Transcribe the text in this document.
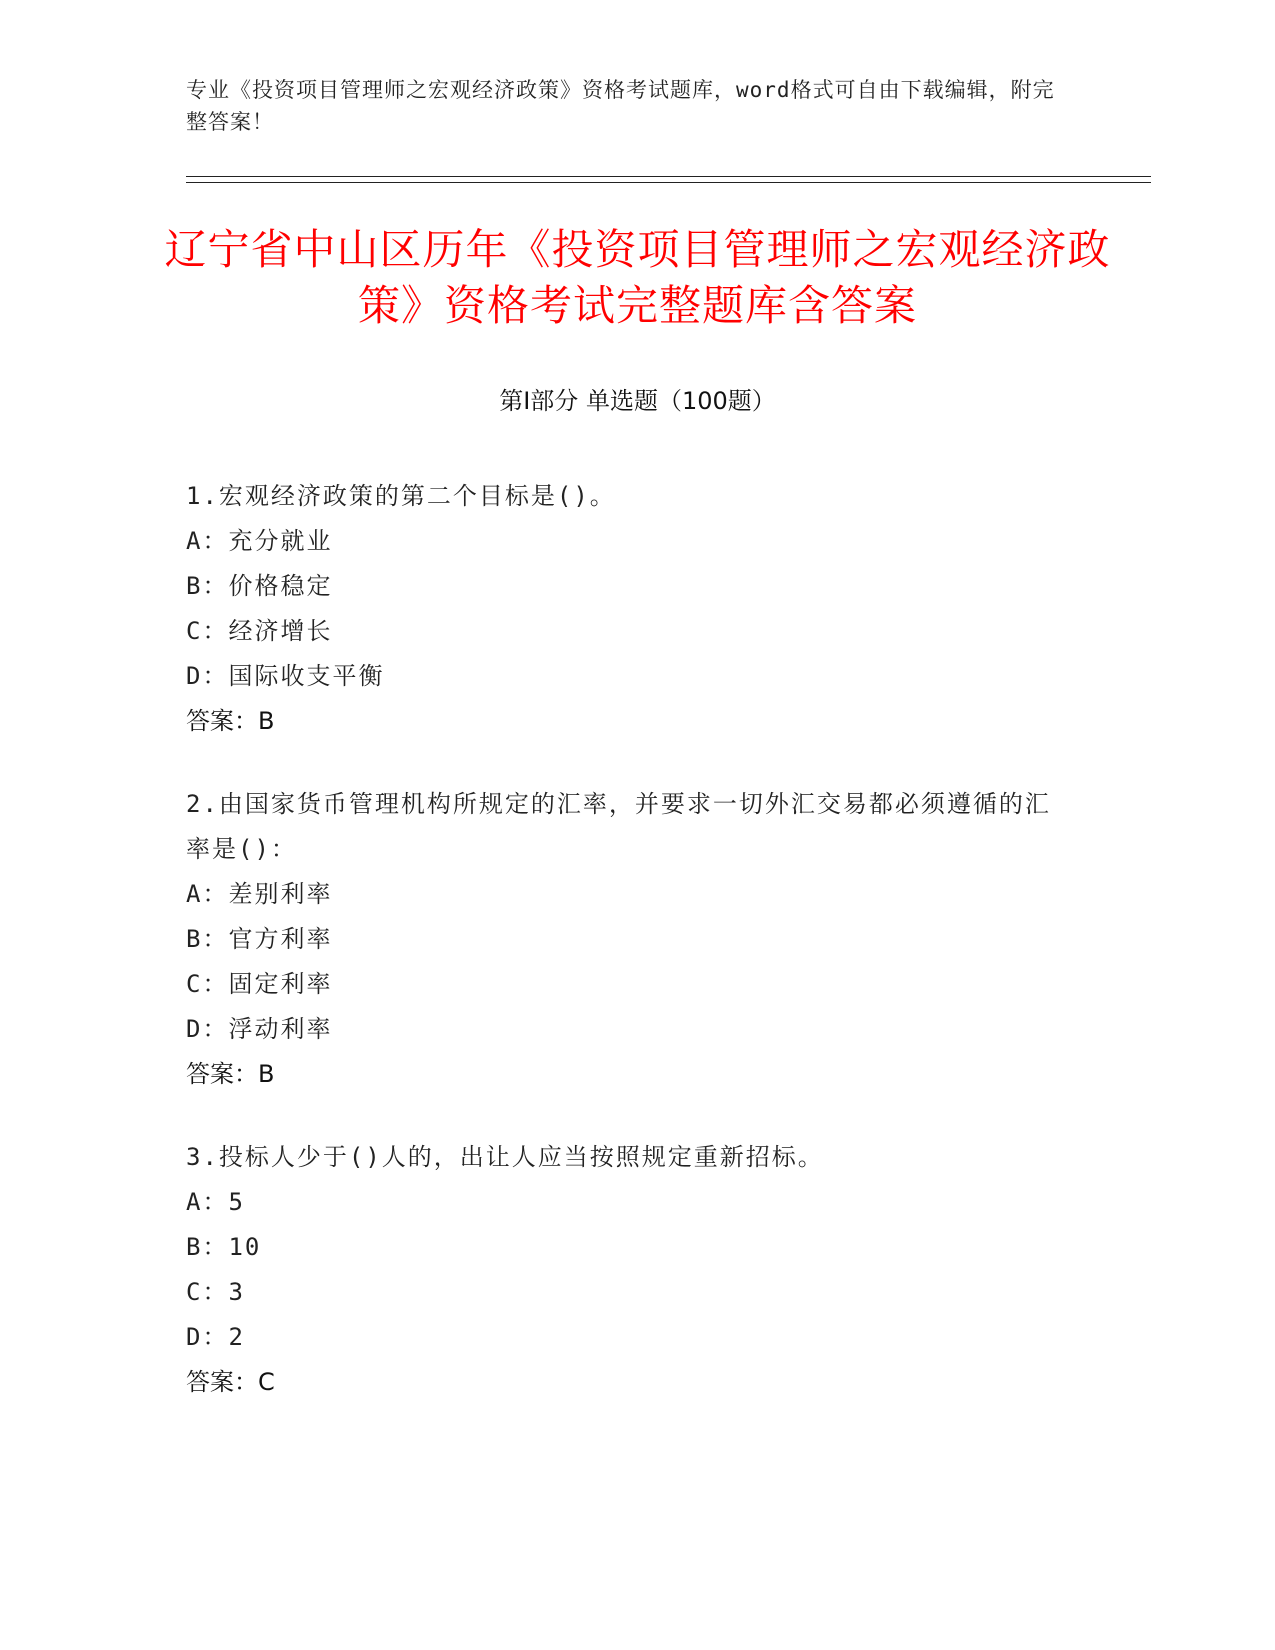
专业《投资项目管理师之宏观经济政策》资格考试题库，word格式可自由下载编辑，附完整答案！
辽宁省中山区历年《投资项目管理师之宏观经济政策》资格考试完整题库含答案
第Ⅰ部分 单选题（100题）
1.宏观经济政策的第二个目标是()。
A：充分就业
B：价格稳定
C：经济增长
D：国际收支平衡
答案：B
2.由国家货币管理机构所规定的汇率，并要求一切外汇交易都必须遵循的汇率是()：
A：差别利率
B：官方利率
C：固定利率
D：浮动利率
答案：B
3.投标人少于()人的，出让人应当按照规定重新招标。
A：5
B：10
C：3
D：2
答案：C
